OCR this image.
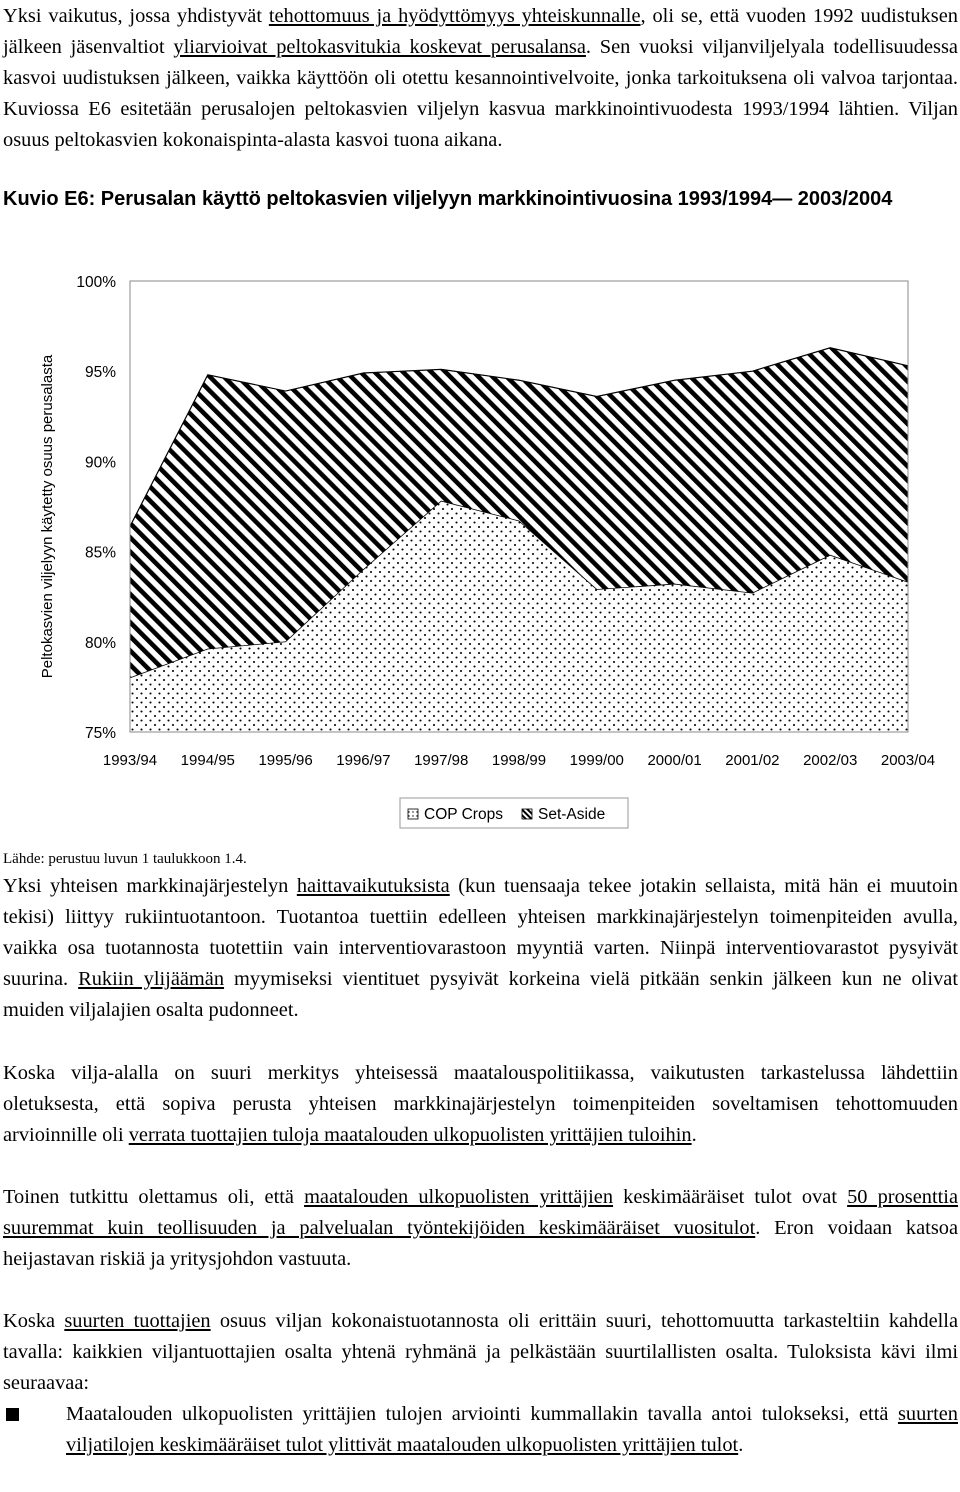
Yksi vaikutus, jossa yhdistyvät tehottomuus ja hyödyttömyys yhteiskunnalle, oli se, että vuoden 1992 uudistuksen jälkeen jäsenvaltiot yliarvioivat peltokasvitukia koskevat perusalansa. Sen vuoksi viljanviljelyala todellisuudessa kasvoi uudistuksen jälkeen, vaikka käyttöön oli otettu kesannointivelvoite, jonka tarkoituksena oli valvoa tarjontaa. Kuviossa E6 esitetään perusalojen peltokasvien viljelyn kasvua markkinointivuodesta 1993/1994 lähtien. Viljan osuus peltokasvien kokonaispinta-alasta kasvoi tuona aikana.
Kuvio E6: Perusalan käyttö peltokasvien viljelyyn markkinointivuosina 1993/1994— 2003/2004
75%
80%
85%
90%
95%
100%
1993/94 1994/95 1995/96 1996/97 1997/98 1998/99 1999/00 2000/01 2001/02 2002/03 2003/04
Peltokasvien viljelyyn käytetty osuus perusalasta
COP Crops Set-Aside
Lähde: perustuu luvun 1 taulukkoon 1.4.
Yksi yhteisen markkinajärjestelyn haittavaikutuksista (kun tuensaaja tekee jotakin sellaista, mitä hän ei muutoin tekisi) liittyy rukiintuotantoon. Tuotantoa tuettiin edelleen yhteisen markkinajärjestelyn toimenpiteiden avulla, vaikka osa tuotannosta tuotettiin vain interventiovarastoon myyntiä varten. Niinpä interventiovarastot pysyivät suurina. Rukiin ylijäämän myymiseksi vientituet pysyivät korkeina vielä pitkään senkin jälkeen kun ne olivat muiden viljalajien osalta pudonneet.
Koska vilja-alalla on suuri merkitys yhteisessä maatalouspolitiikassa, vaikutusten tarkastelussa lähdettiin oletuksesta, että sopiva perusta yhteisen markkinajärjestelyn toimenpiteiden soveltamisen tehottomuuden arvioinnille oli verrata tuottajien tuloja maatalouden ulkopuolisten yrittäjien tuloihin.
Toinen tutkittu olettamus oli, että maatalouden ulkopuolisten yrittäjien keskimääräiset tulot ovat 50 prosenttia suuremmat kuin teollisuuden ja palvelualan työntekijöiden keskimääräiset vuositulot. Eron voidaan katsoa heijastavan riskiä ja yritysjohdon vastuuta.
Koska suurten tuottajien osuus viljan kokonaistuotannosta oli erittäin suuri, tehottomuutta tarkasteltiin kahdella tavalla: kaikkien viljantuottajien osalta yhtenä ryhmänä ja pelkästään suurtilallisten osalta. Tuloksista kävi ilmi seuraavaa:
Maatalouden ulkopuolisten yrittäjien tulojen arviointi kummallakin tavalla antoi tulokseksi, että suurten viljatilojen keskimääräiset tulot ylittivät maatalouden ulkopuolisten yrittäjien tulot.
